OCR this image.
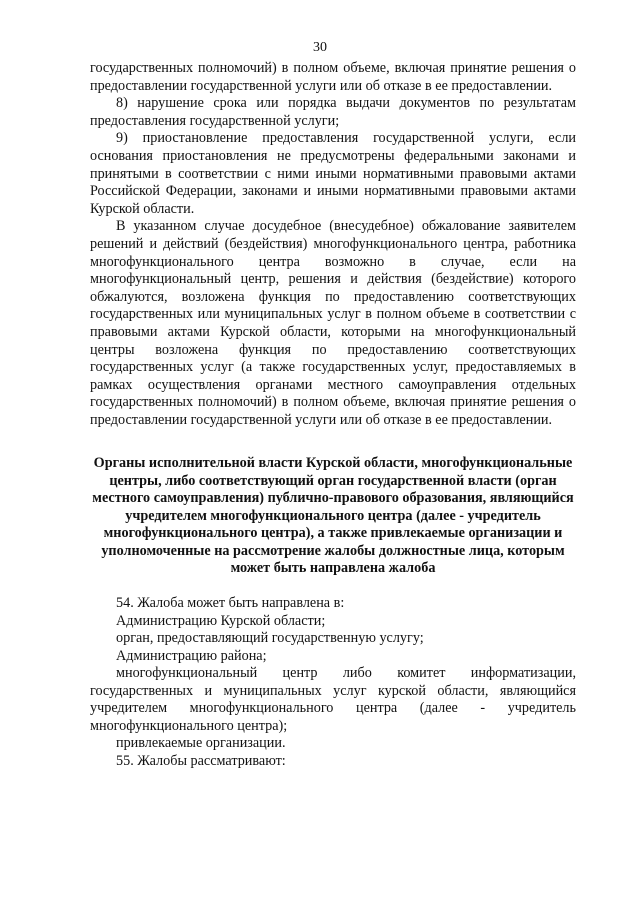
30

государственных полномочий) в полном объеме, включая принятие решения о предоставлении государственной услуги или об отказе в ее предоставлении.

8) нарушение срока или порядка выдачи документов по результатам предоставления государственной услуги;

9) приостановление предоставления государственной услуги, если основания приостановления не предусмотрены федеральными законами и принятыми в соответствии с ними иными нормативными правовыми актами Российской Федерации, законами и иными нормативными правовыми актами Курской области.

В указанном случае досудебное (внесудебное) обжалование заявителем решений и действий (бездействия) многофункционального центра, работника многофункционального центра возможно в случае, если на многофункциональный центр, решения и действия (бездействие) которого обжалуются, возложена функция по предоставлению соответствующих государственных или муниципальных услуг в полном объеме в соответствии с правовыми актами Курской области, которыми на многофункциональный центры возложена функция по предоставлению соответствующих государственных услуг (а также государственных услуг, предоставляемых в рамках осуществления органами местного самоуправления отдельных государственных полномочий) в полном объеме, включая принятие решения о предоставлении государственной услуги или об отказе в ее предоставлении.

Органы исполнительной власти Курской области, многофункциональные центры, либо соответствующий орган государственной власти (орган местного самоуправления) публично-правового образования, являющийся учредителем многофункционального центра (далее - учредитель многофункционального центра), а также привлекаемые организации и уполномоченные на рассмотрение жалобы должностные лица, которым может быть направлена жалоба

54. Жалоба может быть направлена в:

Администрацию Курской области;

орган, предоставляющий государственную услугу;

Администрацию района;

многофункциональный центр либо комитет информатизации, государственных и муниципальных услуг курской области, являющийся учредителем многофункционального центра (далее - учредитель многофункционального центра);

привлекаемые организации.

55. Жалобы рассматривают:
